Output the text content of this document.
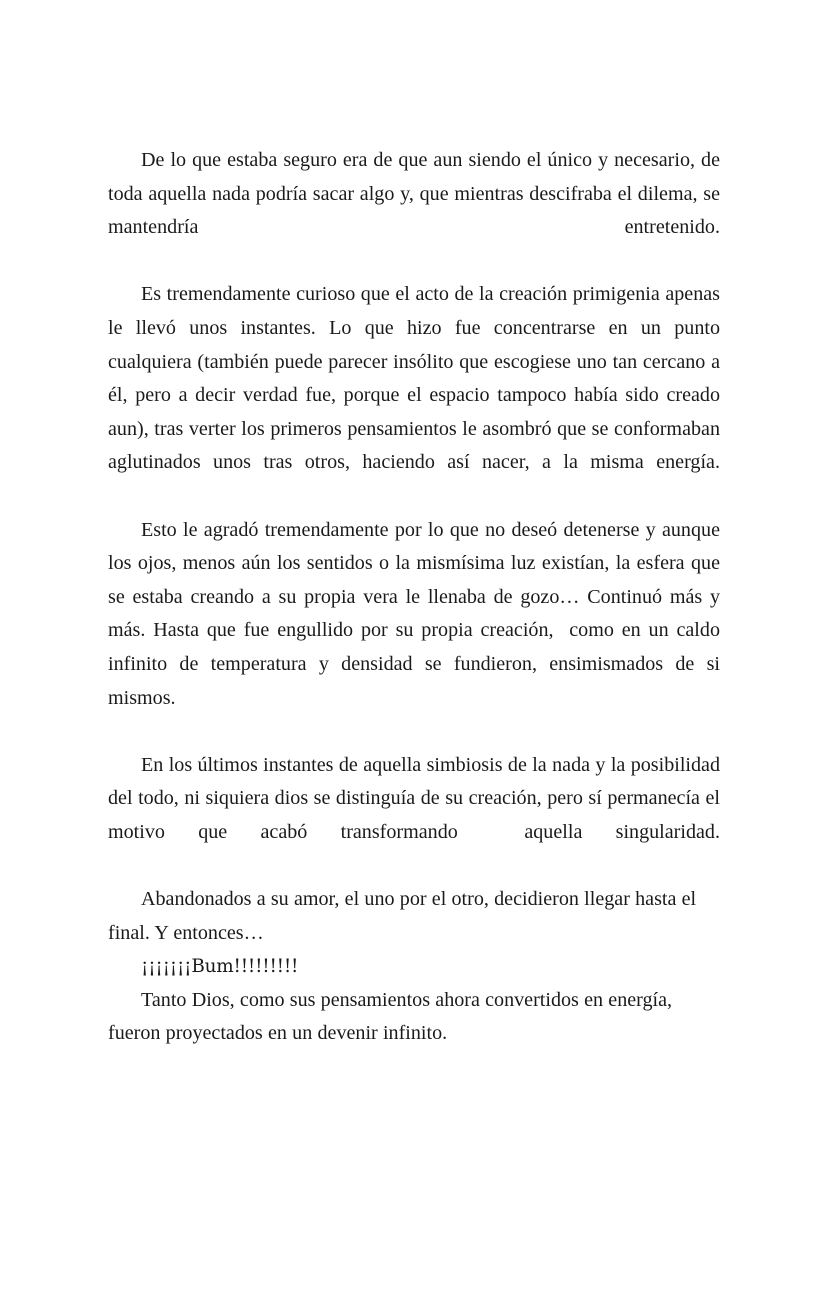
De lo que estaba seguro era de que aun siendo el único y necesario, de toda aquella nada podría sacar algo y, que mientras descifraba el dilema, se mantendría entretenido.

Es tremendamente curioso que el acto de la creación primigenia apenas le llevó unos instantes. Lo que hizo fue concentrarse en un punto cualquiera (también puede parecer insólito que escogiese uno tan cercano a él, pero a decir verdad fue, porque el espacio tampoco había sido creado aun), tras verter los primeros pensamientos le asombró que se conformaban aglutinados unos tras otros, haciendo así nacer, a la misma energía.

Esto le agradó tremendamente por lo que no deseó detenerse y aunque los ojos, menos aún los sentidos o la mismísima luz existían, la esfera que se estaba creando a su propia vera le llenaba de gozo… Continuó más y más. Hasta que fue engullido por su propia creación,  como en un caldo infinito de temperatura y densidad se fundieron, ensimismados de si mismos.

En los últimos instantes de aquella simbiosis de la nada y la posibilidad del todo, ni siquiera dios se distinguía de su creación, pero sí permanecía el motivo que acabó transformando  aquella singularidad.

Abandonados a su amor, el uno por el otro, decidieron llegar hasta el final. Y entonces…

¡¡¡¡¡¡¡Bum!!!!!!!!!

Tanto Dios, como sus pensamientos ahora convertidos en energía, fueron proyectados en un devenir infinito.
